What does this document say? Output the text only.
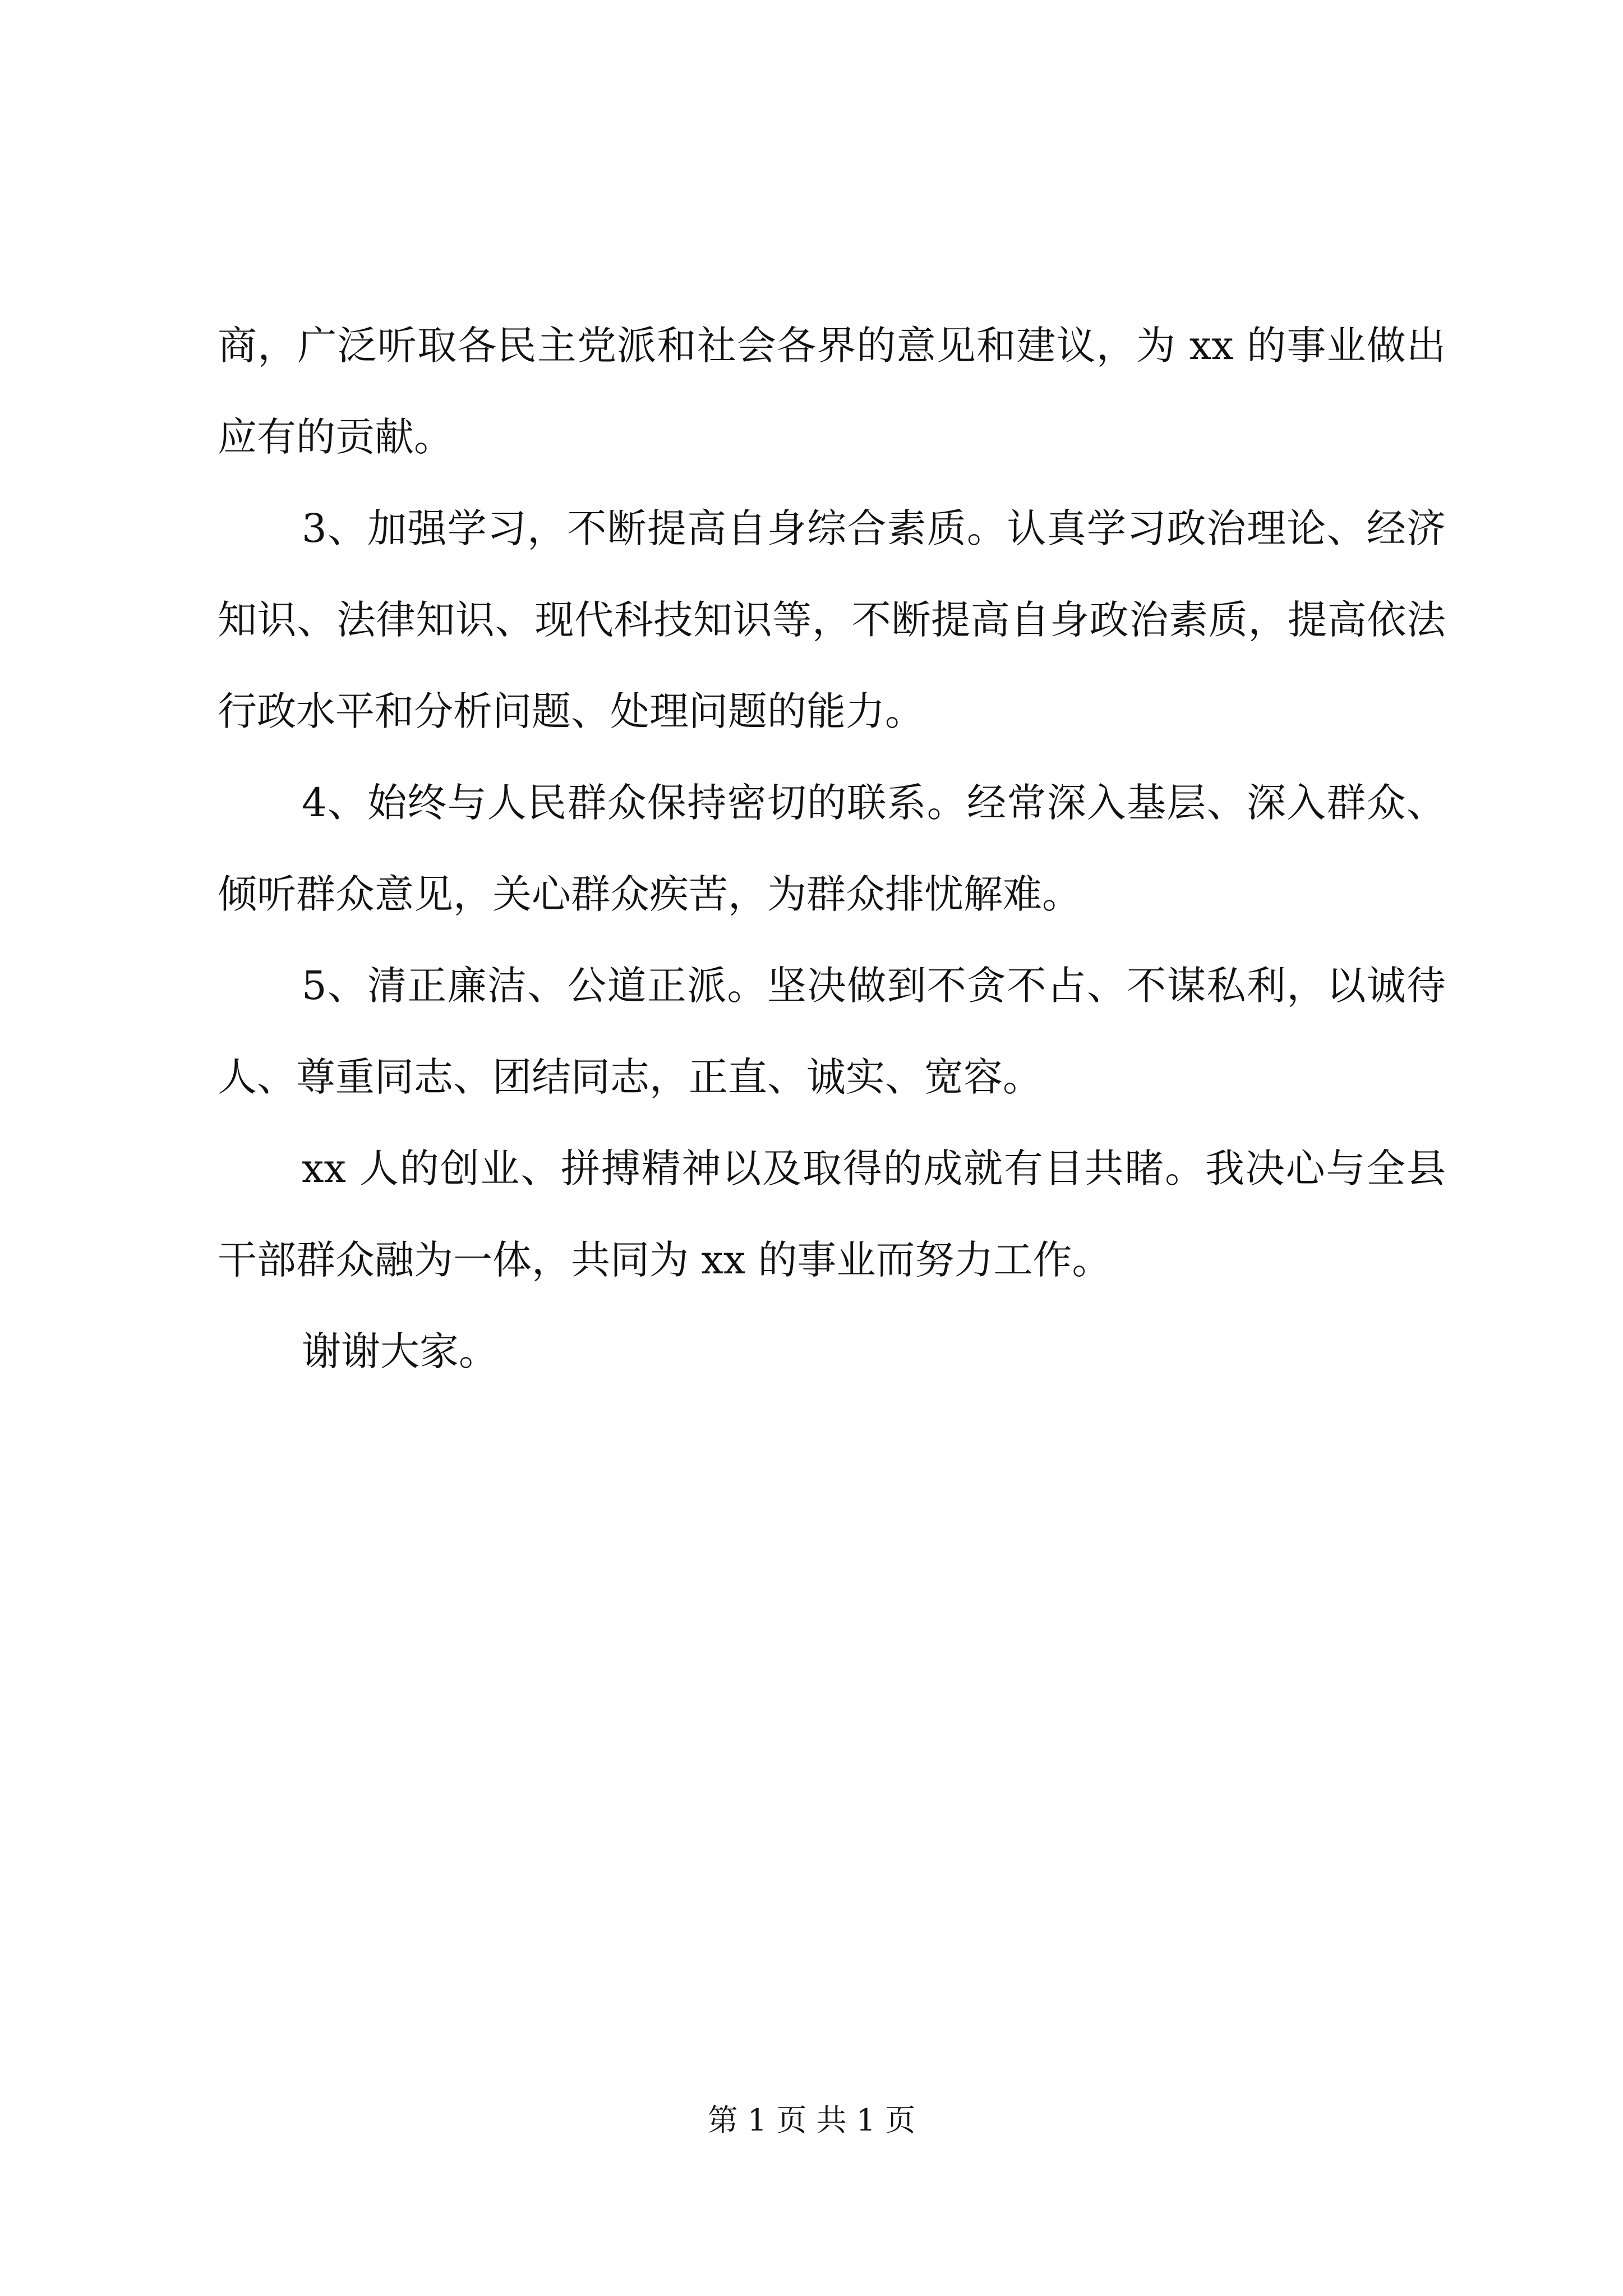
商，广泛听取各民主党派和社会各界的意见和建议，为 xx 的事业做出应有的贡献。

3、加强学习，不断提高自身综合素质。认真学习政治理论、经济知识、法律知识、现代科技知识等，不断提高自身政治素质，提高依法行政水平和分析问题、处理问题的能力。

4、始终与人民群众保持密切的联系。经常深入基层、深入群众、倾听群众意见，关心群众疾苦，为群众排忧解难。

5、清正廉洁、公道正派。坚决做到不贪不占、不谋私利，以诚待人、尊重同志、团结同志，正直、诚实、宽容。

xx 人的创业、拼搏精神以及取得的成就有目共睹。我决心与全县干部群众融为一体，共同为 xx 的事业而努力工作。

谢谢大家。

第 1 页 共 1 页
